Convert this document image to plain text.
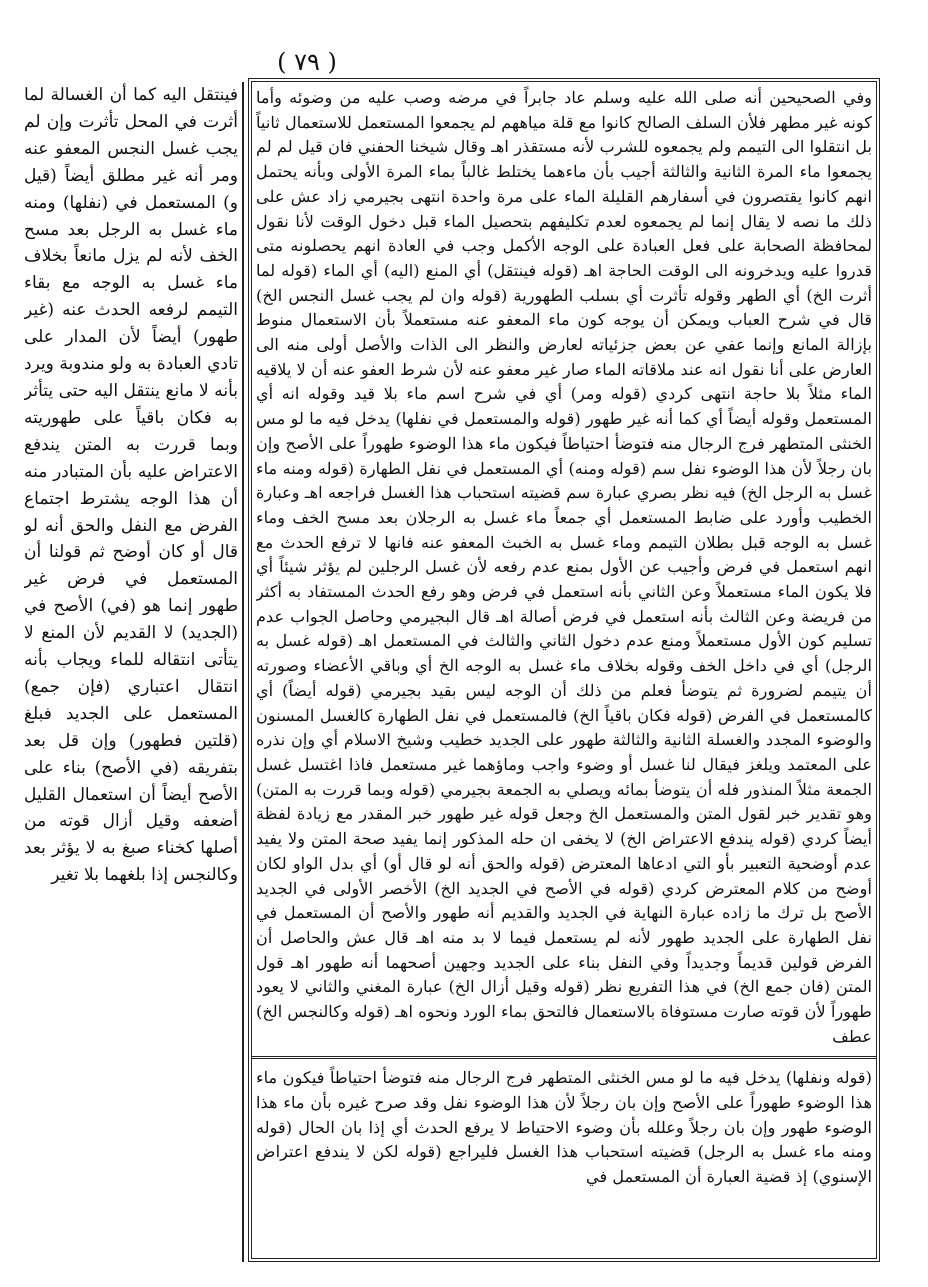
( ٧٩ )

فينتقل اليه كما أن الغسالة لما أثرت في المحل تأثرت وإن لم يجب غسل النجس المعفو عنه ومر أنه غير مطلق أيضاً (قيل و) المستعمل في (نفلها) ومنه ماء غسل به الرجل بعد مسح الخف لأنه لم يزل مانعاً بخلاف ماء غسل به الوجه مع بقاء التيمم لرفعه الحدث عنه (غير طهور) أيضاً لأن المدار على تادي العبادة به ولو مندوبة ويرد بأنه لا مانع ينتقل اليه حتى يتأثر به فكان باقياً على طهوريته وبما قررت به المتن يندفع الاعتراض عليه بأن المتبادر منه أن هذا الوجه يشترط اجتماع الفرض مع النفل والحق أنه لو قال أو كان أوضح ثم قولنا أن المستعمل في فرض غير طهور إنما هو (في) الأصح في (الجديد) لا القديم لأن المنع لا يتأتى انتقاله للماء ويجاب بأنه انتقال اعتباري (فإن جمع) المستعمل على الجديد فبلغ (قلتين فطهور) وإن قل بعد بتفريقه (في الأصح) بناء على الأصح أيضاً أن استعمال القليل أضعفه وقيل أزال قوته من أصلها كخناء صبغ به لا يؤثر بعد وكالنجس إذا بلغهما بلا تغير

وفي الصحيحين أنه صلى الله عليه وسلم عاد جابراً في مرضه وصب عليه من وضوئه وأما كونه غير مطهر فلأن السلف الصالح كانوا مع قلة مياههم لم يجمعوا المستعمل للاستعمال ثانياً بل انتقلوا الى التيمم ولم يجمعوه للشرب لأنه مستقذر اهـ وقال شيخنا الحفني فان قيل لم لم يجمعوا ماء المرة الثانية والثالثة أجيب بأن ماءهما يختلط غالباً بماء المرة الأولى وبأنه يحتمل انهم كانوا يقتصرون في أسفارهم القليلة الماء على مرة واحدة انتهى بجيرمي زاد عش على ذلك ما نصه لا يقال إنما لم يجمعوه لعدم تكليفهم بتحصيل الماء قبل دخول الوقت لأنا نقول لمحافظة الصحابة على فعل العبادة على الوجه الأكمل وجب في العادة انهم يحصلونه متى قدروا عليه ويدخرونه الى الوقت الحاجة اهـ (قوله فينتقل) أي المنع (اليه) أي الماء (قوله لما أثرت الخ) أي الطهر وقوله تأثرت أي بسلب الطهورية (قوله وان لم يجب غسل النجس الخ) قال في شرح العباب ويمكن أن يوجه كون ماء المعفو عنه مستعملاً بأن الاستعمال منوط بإزالة المانع وإنما عفي عن بعض جزئياته لعارض والنظر الى الذات والأصل أولى منه الى العارض على أنا نقول انه عند ملاقاته الماء صار غير معفو عنه لأن شرط العفو عنه أن لا يلاقيه الماء مثلاً بلا حاجة انتهى كردي (قوله ومر) أي في شرح اسم ماء بلا قيد وقوله انه أي المستعمل وقوله أيضاً أي كما أنه غير طهور (قوله والمستعمل في نفلها) يدخل فيه ما لو مس الخنثى المتطهر فرج الرجال منه فتوضأ احتياطاً فيكون ماء هذا الوضوء طهوراً على الأصح وإن بان رجلاً لأن هذا الوضوء نفل سم (قوله ومنه) أي المستعمل في نفل الطهارة (قوله ومنه ماء غسل به الرجل الخ) فيه نظر بصري عبارة سم قضيته استحباب هذا الغسل فراجعه اهـ وعبارة الخطيب وأورد على ضابط المستعمل أي جمعاً ماء غسل به الرجلان بعد مسح الخف وماء غسل به الوجه قبل بطلان التيمم وماء غسل به الخبث المعفو عنه فانها لا ترفع الحدث مع انهم استعمل في فرض وأجيب عن الأول بمنع عدم رفعه لأن غسل الرجلين لم يؤثر شيئاً أي فلا يكون الماء مستعملاً وعن الثاني بأنه استعمل في فرض وهو رفع الحدث المستفاد به أكثر من فريضة وعن الثالث بأنه استعمل في فرض أصالة اهـ قال البجيرمي وحاصل الجواب عدم تسليم كون الأول مستعملاً ومنع عدم دخول الثاني والثالث في المستعمل اهـ (قوله غسل به الرجل) أي في داخل الخف وقوله بخلاف ماء غسل به الوجه الخ أي وباقي الأعضاء وصورته أن يتيمم لضرورة ثم يتوضأ فعلم من ذلك أن الوجه ليس بقيد بجيرمي (قوله أيضاً) أي كالمستعمل في الفرض (قوله فكان باقياً الخ) فالمستعمل في نفل الطهارة كالغسل المسنون والوضوء المجدد والغسلة الثانية والثالثة طهور على الجديد خطيب وشيخ الاسلام أي وإن نذره على المعتمد ويلغز فيقال لنا غسل أو وضوء واجب وماؤهما غير مستعمل فاذا اغتسل غسل الجمعة مثلاً المنذور فله أن يتوضأ بمائه ويصلي به الجمعة بجيرمي (قوله وبما قررت به المتن) وهو تقدير خبر لقول المتن والمستعمل الخ وجعل قوله غير طهور خبر المقدر مع زيادة لفظة أيضاً كردي (قوله يندفع الاعتراض الخ) لا يخفى ان حله المذكور إنما يفيد صحة المتن ولا يفيد عدم أوضحية التعبير بأو التي ادعاها المعترض (قوله والحق أنه لو قال أو) أي بدل الواو لكان أوضح من كلام المعترض كردي (قوله في الأصح في الجديد الخ) الأخصر الأولى في الجديد الأصح بل ترك ما زاده عبارة النهاية في الجديد والقديم أنه طهور والأصح أن المستعمل في نفل الطهارة على الجديد طهور لأنه لم يستعمل فيما لا بد منه اهـ قال عش والحاصل أن الفرض قولين قديماً وجديداً وفي النفل بناء على الجديد وجهين أصحهما أنه طهور اهـ قول المتن (فان جمع الخ) في هذا التفريع نظر (قوله وقيل أزال الخ) عبارة المغني والثاني لا يعود طهوراً لأن قوته صارت مستوفاة بالاستعمال فالتحق بماء الورد ونحوه اهـ (قوله وكالنجس الخ) عطف

(قوله ونفلها) يدخل فيه ما لو مس الخنثى المتطهر فرج الرجال منه فتوضأ احتياطاً فيكون ماء هذا الوضوء طهوراً على الأصح وإن بان رجلاً لأن هذا الوضوء نفل وقد صرح غيره بأن ماء هذا الوضوء طهور وإن بان رجلاً وعلله بأن وضوء الاحتياط لا يرفع الحدث أي إذا بان الحال (قوله ومنه ماء غسل به الرجل) قضيته استحباب هذا الغسل فليراجع (قوله لكن لا يندفع اعتراض الإسنوي) إذ قضية العبارة أن المستعمل في
